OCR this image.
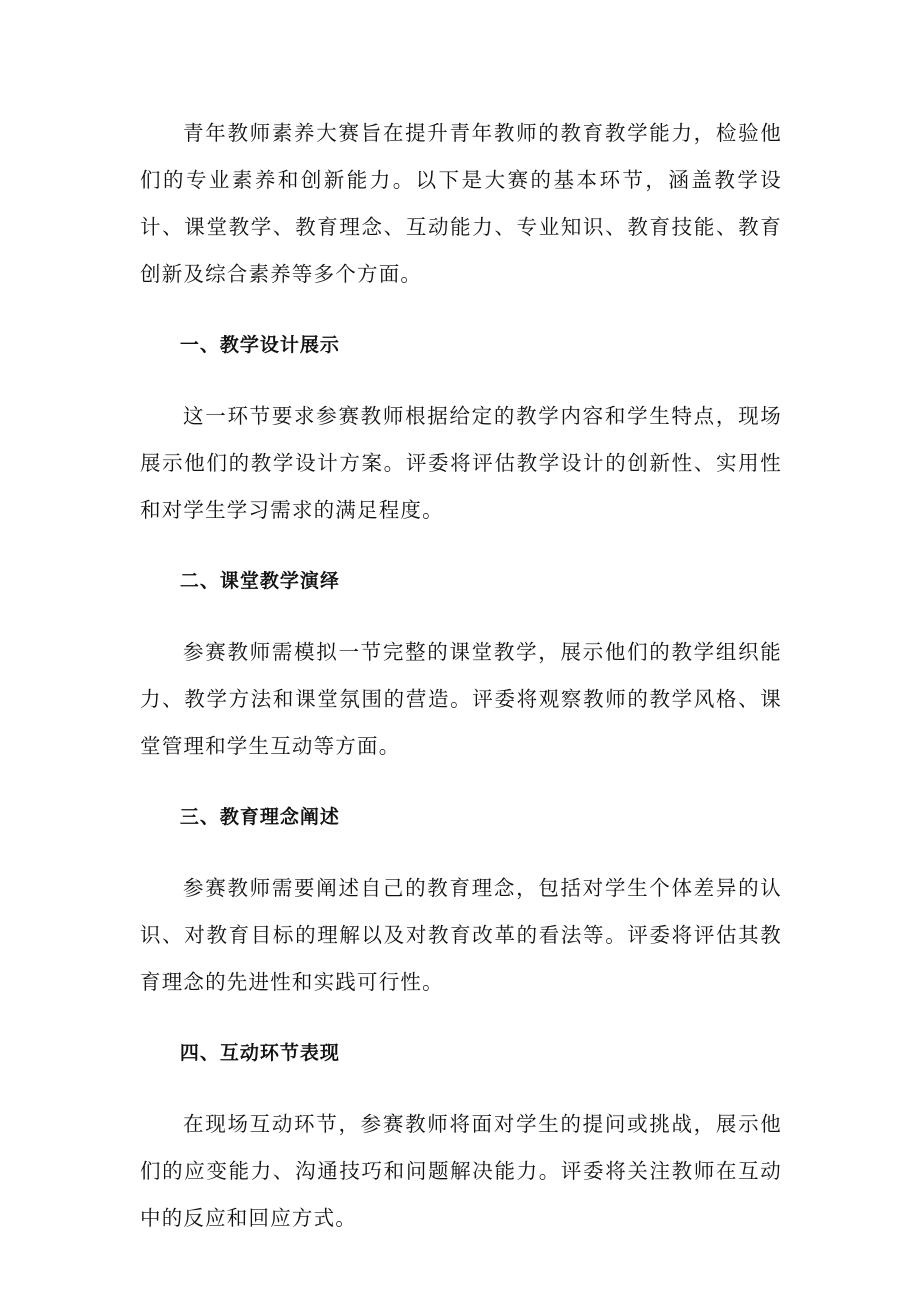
青年教师素养大赛旨在提升青年教师的教育教学能力，检验他们的专业素养和创新能力。以下是大赛的基本环节，涵盖教学设计、课堂教学、教育理念、互动能力、专业知识、教育技能、教育创新及综合素养等多个方面。

一、教学设计展示

这一环节要求参赛教师根据给定的教学内容和学生特点，现场展示他们的教学设计方案。评委将评估教学设计的创新性、实用性和对学生学习需求的满足程度。

二、课堂教学演绎

参赛教师需模拟一节完整的课堂教学，展示他们的教学组织能力、教学方法和课堂氛围的营造。评委将观察教师的教学风格、课堂管理和学生互动等方面。

三、教育理念阐述

参赛教师需要阐述自己的教育理念，包括对学生个体差异的认识、对教育目标的理解以及对教育改革的看法等。评委将评估其教育理念的先进性和实践可行性。

四、互动环节表现

在现场互动环节，参赛教师将面对学生的提问或挑战，展示他们的应变能力、沟通技巧和问题解决能力。评委将关注教师在互动中的反应和回应方式。
